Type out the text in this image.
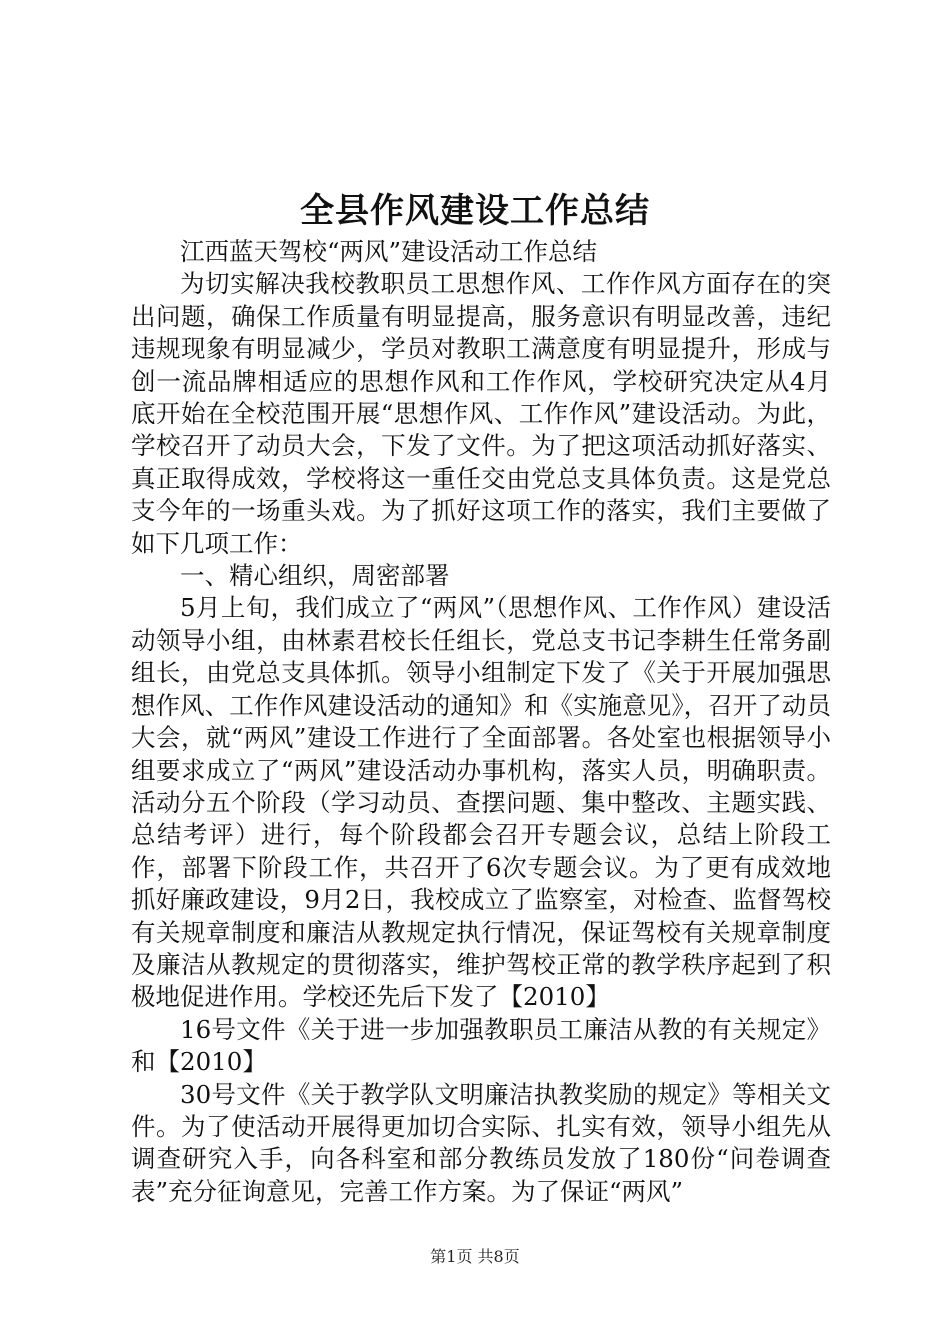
全县作风建设工作总结

江西蓝天驾校“两风”建设活动工作总结

为切实解决我校教职员工思想作风、工作作风方面存在的突出问题，确保工作质量有明显提高，服务意识有明显改善，违纪违规现象有明显减少，学员对教职工满意度有明显提升，形成与创一流品牌相适应的思想作风和工作作风，学校研究决定从4月底开始在全校范围开展“思想作风、工作作风”建设活动。为此，学校召开了动员大会，下发了文件。为了把这项活动抓好落实、真正取得成效，学校将这一重任交由党总支具体负责。这是党总支今年的一场重头戏。为了抓好这项工作的落实，我们主要做了如下几项工作：

一、精心组织，周密部署

5月上旬，我们成立了“两风”（思想作风、工作作风）建设活动领导小组，由林素君校长任组长，党总支书记李耕生任常务副组长，由党总支具体抓。领导小组制定下发了《关于开展加强思想作风、工作作风建设活动的通知》和《实施意见》，召开了动员大会，就“两风”建设工作进行了全面部署。各处室也根据领导小组要求成立了“两风”建设活动办事机构，落实人员，明确职责。活动分五个阶段（学习动员、查摆问题、集中整改、主题实践、总结考评）进行，每个阶段都会召开专题会议，总结上阶段工作，部署下阶段工作，共召开了6次专题会议。为了更有成效地抓好廉政建设，9月2日，我校成立了监察室，对检查、监督驾校有关规章制度和廉洁从教规定执行情况，保证驾校有关规章制度及廉洁从教规定的贯彻落实，维护驾校正常的教学秩序起到了积极地促进作用。学校还先后下发了【2010】

16号文件《关于进一步加强教职员工廉洁从教的有关规定》和【2010】

30号文件《关于教学队文明廉洁执教奖励的规定》等相关文件。为了使活动开展得更加切合实际、扎实有效，领导小组先从调查研究入手，向各科室和部分教练员发放了180份“问卷调查表”充分征询意见，完善工作方案。为了保证“两风”

第1页 共8页
